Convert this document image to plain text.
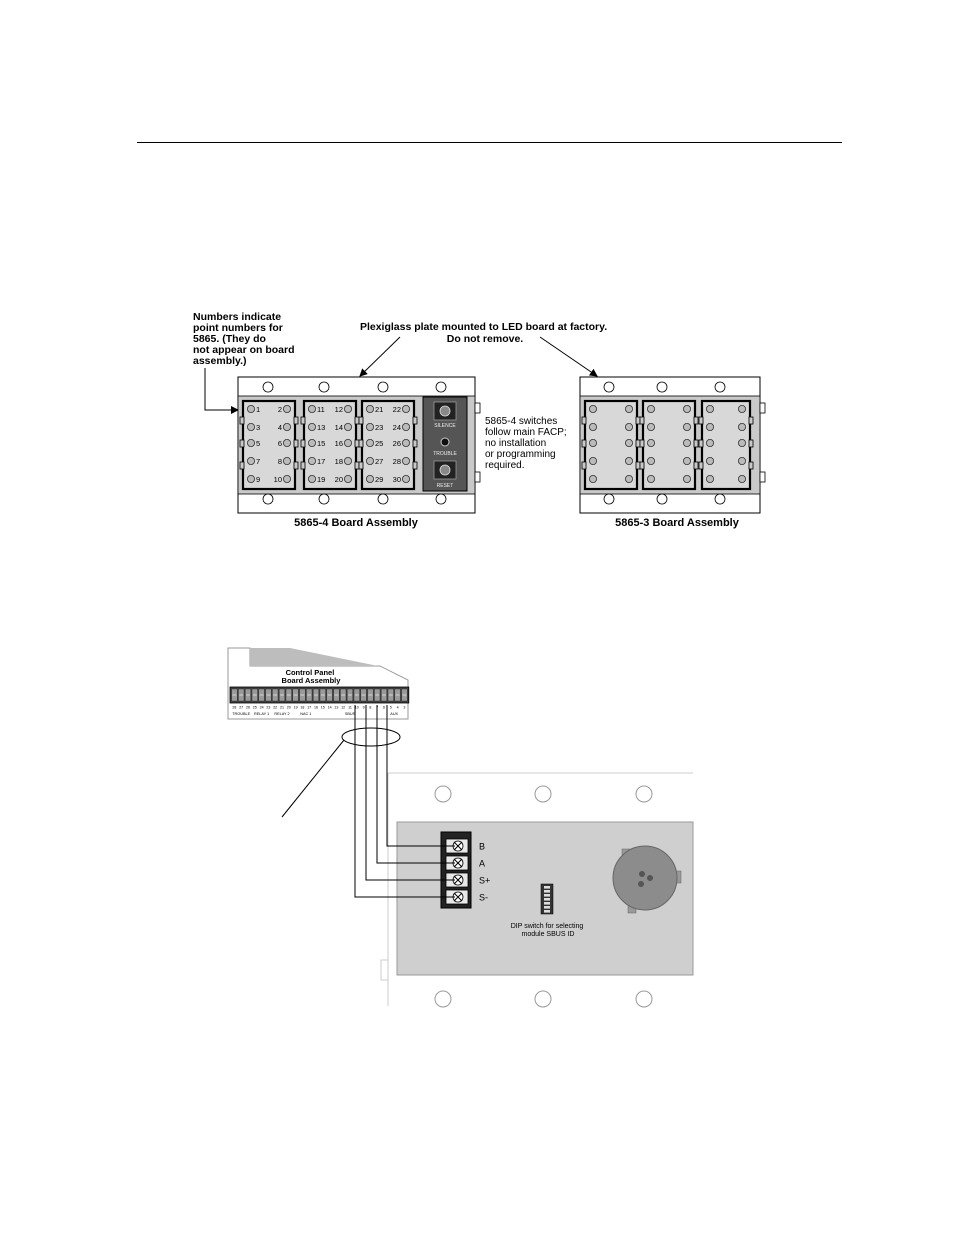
Numbers indicate point numbers for 5865. (They do not appear on board assembly.)
Plexiglass plate mounted to LED board at factory. Do not remove.
1 2
3 4
5 6
7 8
9 10
11 12
13 14
15 16
17 18
19 20
21 22
23 24
25 26
27 28
29 30
SILENCE
TROUBLE
RESET
5865-4 Board Assembly
5865-4 switches follow main FACP; no installation or programming required.
5865-3 Board Assembly
Control Panel Board Assembly
28 27 26 25 24 23 22 21 20 19 18 17 16 15 14 13 12 11 10 9 8 7 6 5 4 3
TROUBLE RELAY 1 RELAY 2	NAC 1	SBUS	AUX
DIP switch for selecting module SBUS ID
B
A
S+
S-
